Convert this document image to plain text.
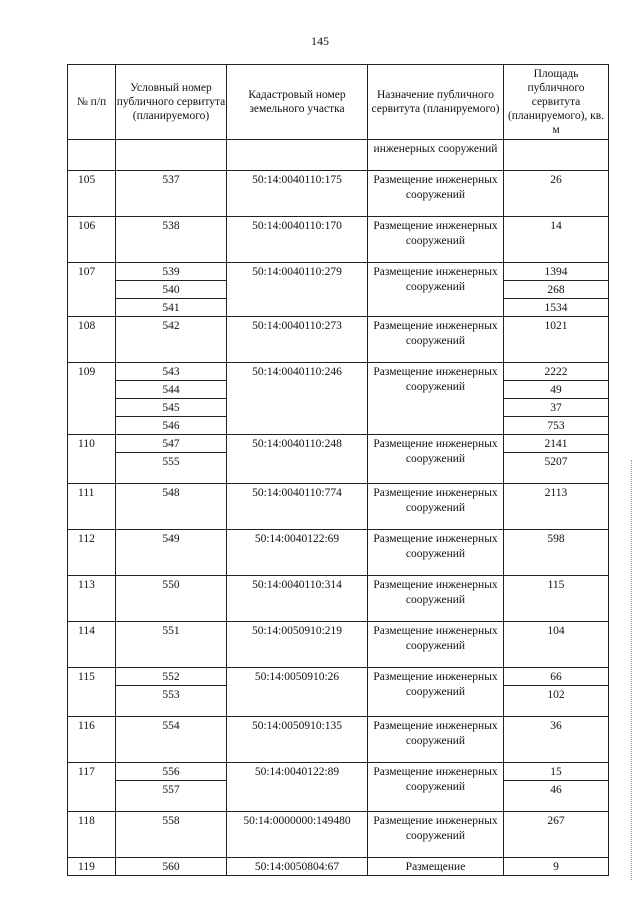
145
№ п/п	Условный номер публичного сервитута (планируемого)	Кадастровый номер земельного участка	Назначение публичного сервитута (планируемого)	Площадь публичного сервитута (планируемого), кв. м

			инженерных сооружений	

105	537	50:14:0040110:175	Размещение инженерных сооружений	26

106	538	50:14:0040110:170	Размещение инженерных сооружений	14

107	539	50:14:0040110:279	Размещение инженерных сооружений	1394

	540			268

	541			1534

108	542	50:14:0040110:273	Размещение инженерных сооружений	1021

109	543	50:14:0040110:246	Размещение инженерных сооружений	2222

	544			49

	545			37

	546			753

110	547	50:14:0040110:248	Размещение инженерных сооружений	2141

	555			5207

111	548	50:14:0040110:774	Размещение инженерных сооружений	2113

112	549	50:14:0040122:69	Размещение инженерных сооружений	598

113	550	50:14:0040110:314	Размещение инженерных сооружений	115

114	551	50:14:0050910:219	Размещение инженерных сооружений	104

115	552	50:14:0050910:26	Размещение инженерных сооружений	66

	553			102

116	554	50:14:0050910:135	Размещение инженерных сооружений	36

117	556	50:14:0040122:89	Размещение инженерных сооружений	15

	557			46

118	558	50:14:0000000:149480	Размещение инженерных сооружений	267

119	560	50:14:0050804:67	Размещение	9
